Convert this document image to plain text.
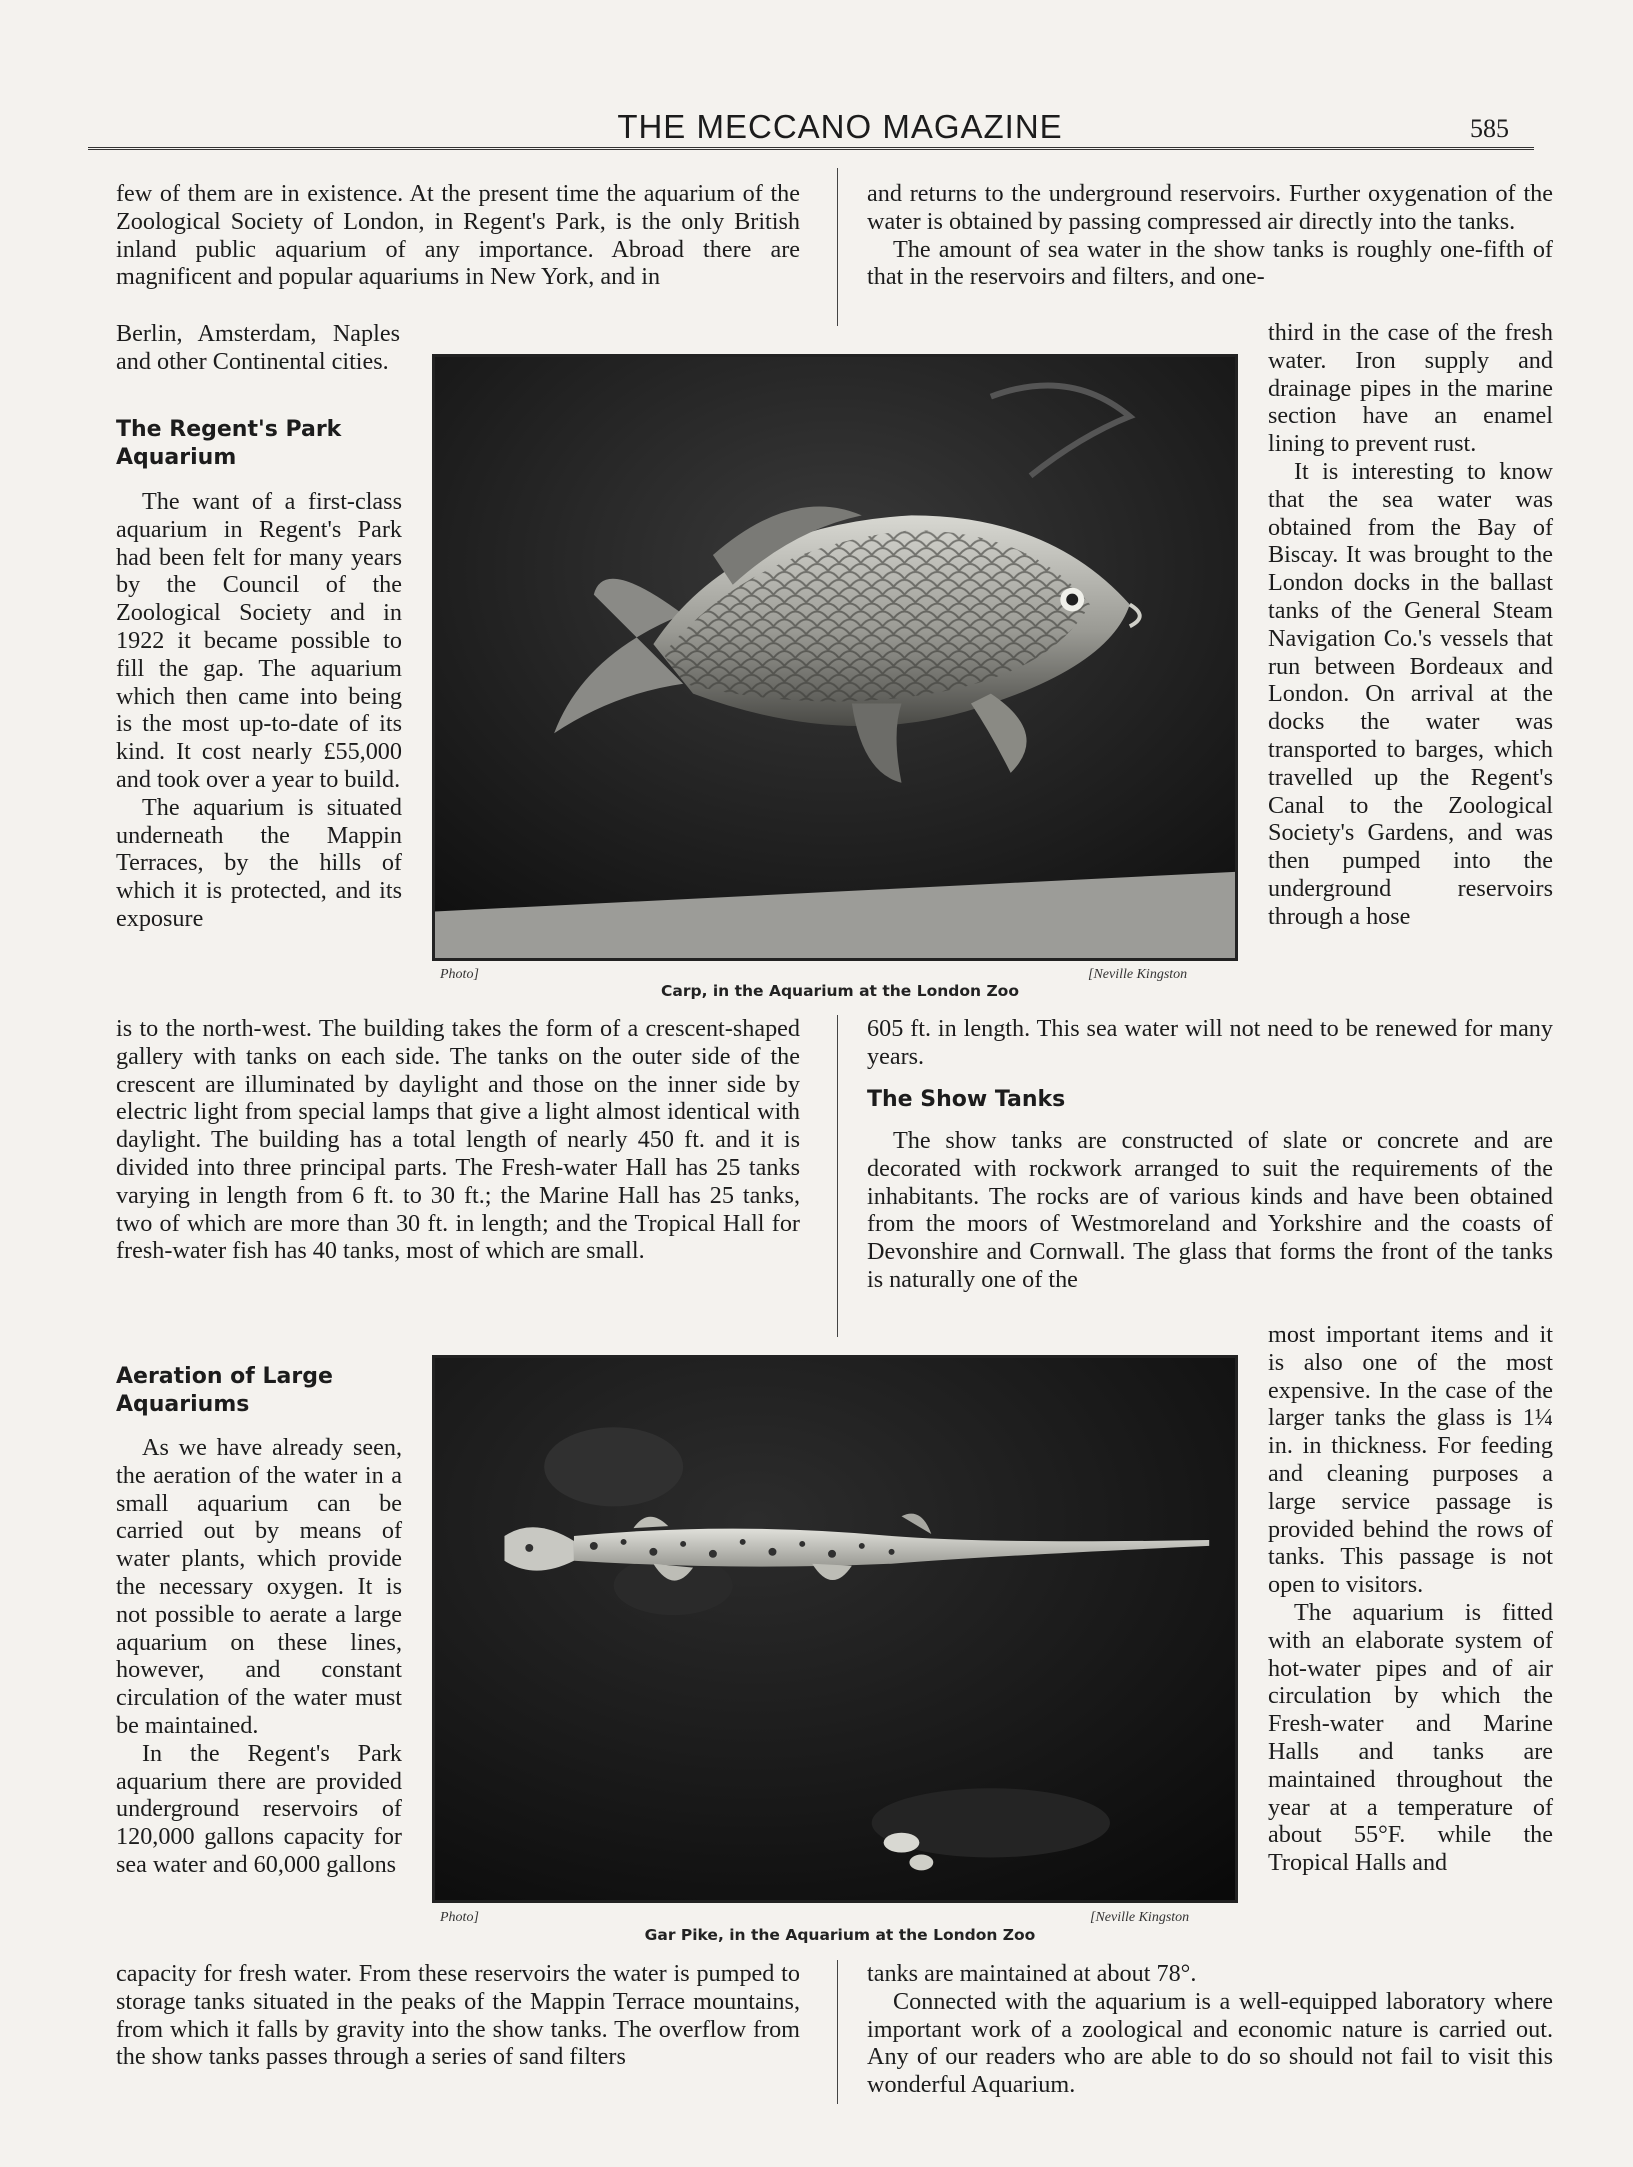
THE MECCANO MAGAZINE	585

few of them are in existence. At the present time the aquarium of the Zoological Society of London, in Regent's Park, is the only British inland public aquarium of any importance. Abroad there are magnificent and popular aquariums in New York, and in

Berlin, Amsterdam, Naples and other Continental cities.

The Regent's Park Aquarium

The want of a first-class aquarium in Regent's Park had been felt for many years by the Council of the Zoological Society and in 1922 it became possible to fill the gap. The aquarium which then came into being is the most up-to-date of its kind. It cost nearly £55,000 and took over a year to build.

The aquarium is situated underneath the Mappin Terraces, by the hills of which it is protected, and its exposure

is to the north-west. The building takes the form of a crescent-shaped gallery with tanks on each side. The tanks on the outer side of the crescent are illuminated by daylight and those on the inner side by electric light from special lamps that give a light almost identical with daylight. The building has a total length of nearly 450 ft. and it is divided into three principal parts. The Fresh-water Hall has 25 tanks varying in length from 6 ft. to 30 ft.; the Marine Hall has 25 tanks, two of which are more than 30 ft. in length; and the Tropical Hall for fresh-water fish has 40 tanks, most of which are small.

Aeration of Large Aquariums

As we have already seen, the aeration of the water in a small aquarium can be carried out by means of water plants, which provide the necessary oxygen. It is not possible to aerate a large aquarium on these lines, however, and constant circulation of the water must be maintained.

In the Regent's Park aquarium there are provided underground reservoirs of 120,000 gallons capacity for sea water and 60,000 gallons

capacity for fresh water. From these reservoirs the water is pumped to storage tanks situated in the peaks of the Mappin Terrace mountains, from which it falls by gravity into the show tanks. The overflow from the show tanks passes through a series of sand filters

and returns to the underground reservoirs. Further oxygenation of the water is obtained by passing compressed air directly into the tanks.

The amount of sea water in the show tanks is roughly one-fifth of that in the reservoirs and filters, and one-

third in the case of the fresh water. Iron supply and drainage pipes in the marine section have an enamel lining to prevent rust.

It is interesting to know that the sea water was obtained from the Bay of Biscay. It was brought to the London docks in the ballast tanks of the General Steam Navigation Co.'s vessels that run between Bordeaux and London. On arrival at the docks the water was transported to barges, which travelled up the Regent's Canal to the Zoological Society's Gardens, and was then pumped into the underground reservoirs through a hose

605 ft. in length. This sea water will not need to be renewed for many years.

The Show Tanks

The show tanks are constructed of slate or concrete and are decorated with rockwork arranged to suit the requirements of the inhabitants. The rocks are of various kinds and have been obtained from the moors of Westmoreland and Yorkshire and the coasts of Devonshire and Cornwall. The glass that forms the front of the tanks is naturally one of the

most important items and it is also one of the most expensive. In the case of the larger tanks the glass is 1¼ in. in thickness. For feeding and cleaning purposes a large service passage is provided behind the rows of tanks. This passage is not open to visitors.

The aquarium is fitted with an elaborate system of hot-water pipes and of air circulation by which the Fresh-water and Marine Halls and tanks are maintained throughout the year at a temperature of about 55°F. while the Tropical Halls and

tanks are maintained at about 78°.

Connected with the aquarium is a well-equipped laboratory where important work of a zoological and economic nature is carried out. Any of our readers who are able to do so should not fail to visit this wonderful Aquarium.

Photo]	[Neville Kingston
Carp, in the Aquarium at the London Zoo
Photo]	[Neville Kingston
Gar Pike, in the Aquarium at the London Zoo
